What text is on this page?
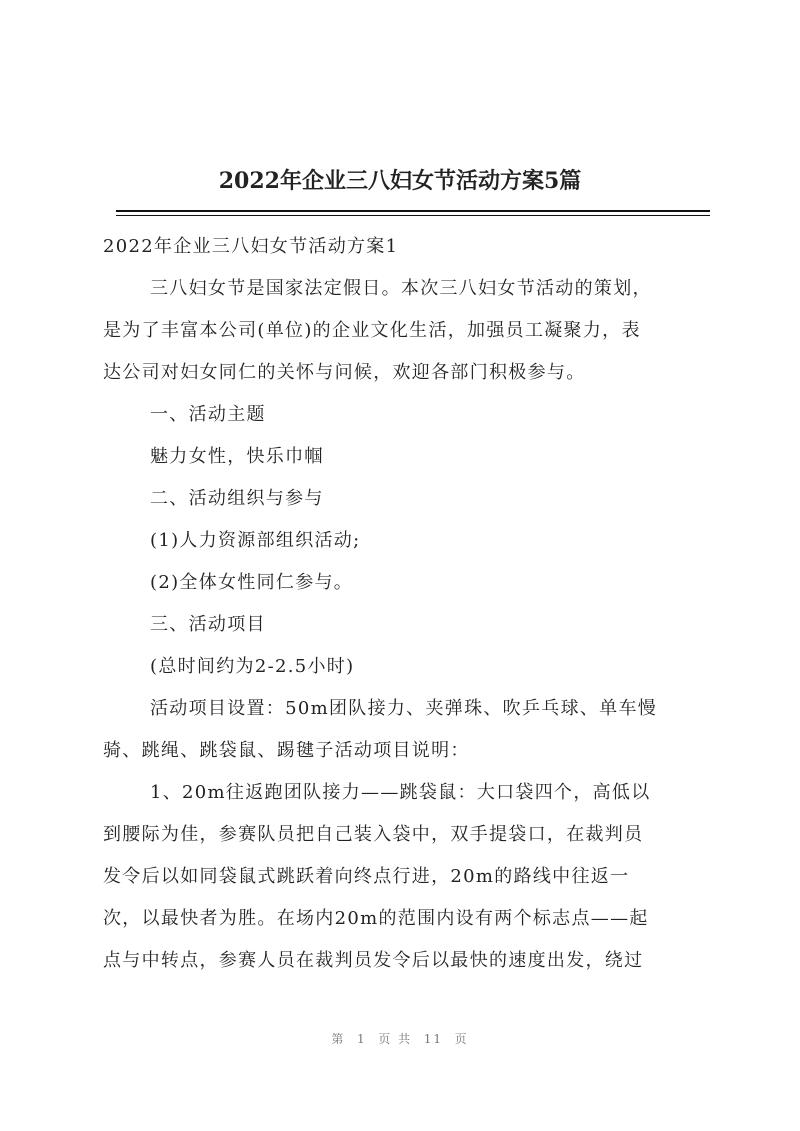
2022年企业三八妇女节活动方案5篇
2022年企业三八妇女节活动方案1
三八妇女节是国家法定假日。本次三八妇女节活动的策划，
是为了丰富本公司(单位)的企业文化生活，加强员工凝聚力，表
达公司对妇女同仁的关怀与问候，欢迎各部门积极参与。
一、活动主题
魅力女性，快乐巾帼
二、活动组织与参与
(1)人力资源部组织活动;
(2)全体女性同仁参与。
三、活动项目
(总时间约为2-2.5小时)
活动项目设置：50m团队接力、夹弹珠、吹乒乓球、单车慢
骑、跳绳、跳袋鼠、踢毽子活动项目说明：
1、20m往返跑团队接力——跳袋鼠：大口袋四个，高低以
到腰际为佳，参赛队员把自己装入袋中，双手提袋口，在裁判员
发令后以如同袋鼠式跳跃着向终点行进，20m的路线中往返一
次，以最快者为胜。在场内20m的范围内设有两个标志点——起
点与中转点，参赛人员在裁判员发令后以最快的速度出发，绕过
第  1  页 共  11  页
